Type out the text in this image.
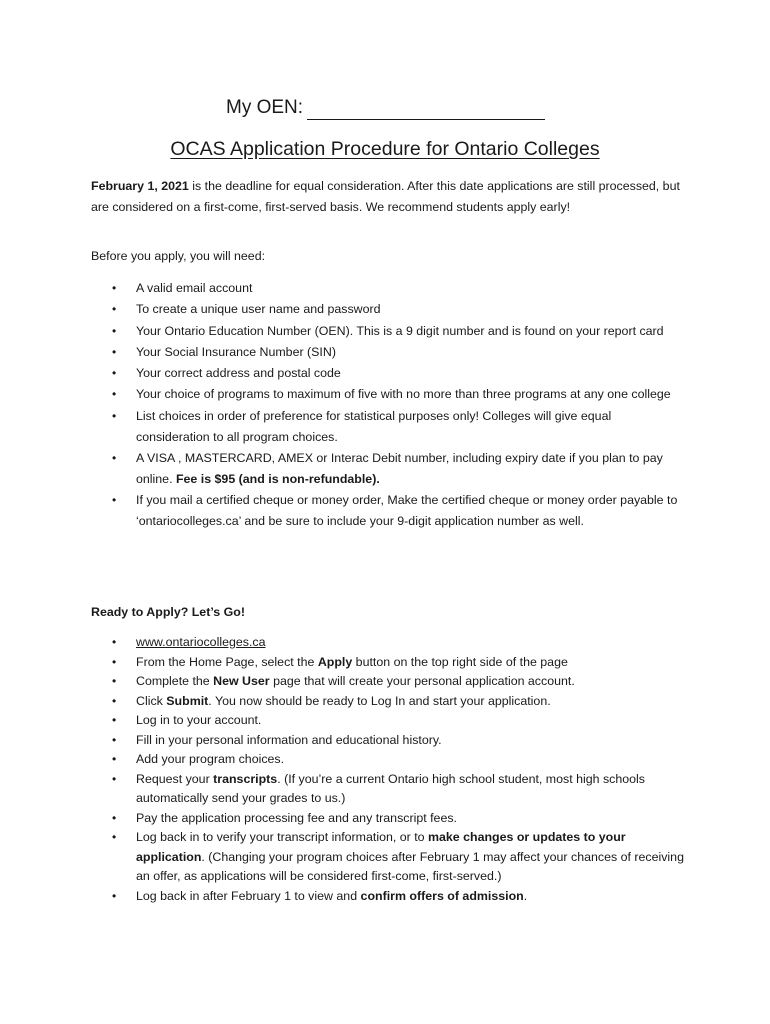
My OEN:
OCAS Application Procedure for Ontario Colleges

February 1, 2021 is the deadline for equal consideration. After this date applications are still processed, but are considered on a first-come, first-served basis. We recommend students apply early!

Before you apply, you will need:

• A valid email account
• To create a unique user name and password
• Your Ontario Education Number (OEN). This is a 9 digit number and is found on your report card
• Your Social Insurance Number (SIN)
• Your correct address and postal code
• Your choice of programs to maximum of five with no more than three programs at any one college
• List choices in order of preference for statistical purposes only! Colleges will give equal consideration to all program choices.
• A VISA , MASTERCARD, AMEX or Interac Debit number, including expiry date if you plan to pay online. Fee is $95 (and is non-refundable).
• If you mail a certified cheque or money order, Make the certified cheque or money order payable to ‘ontariocolleges.ca’ and be sure to include your 9-digit application number as well.

Ready to Apply? Let’s Go!

• www.ontariocolleges.ca
• From the Home Page, select the Apply button on the top right side of the page
• Complete the New User page that will create your personal application account.
• Click Submit. You now should be ready to Log In and start your application.
• Log in to your account.
• Fill in your personal information and educational history.
• Add your program choices.
• Request your transcripts. (If you’re a current Ontario high school student, most high schools automatically send your grades to us.)
• Pay the application processing fee and any transcript fees.
• Log back in to verify your transcript information, or to make changes or updates to your application. (Changing your program choices after February 1 may affect your chances of receiving an offer, as applications will be considered first-come, first-served.)
• Log back in after February 1 to view and confirm offers of admission.
